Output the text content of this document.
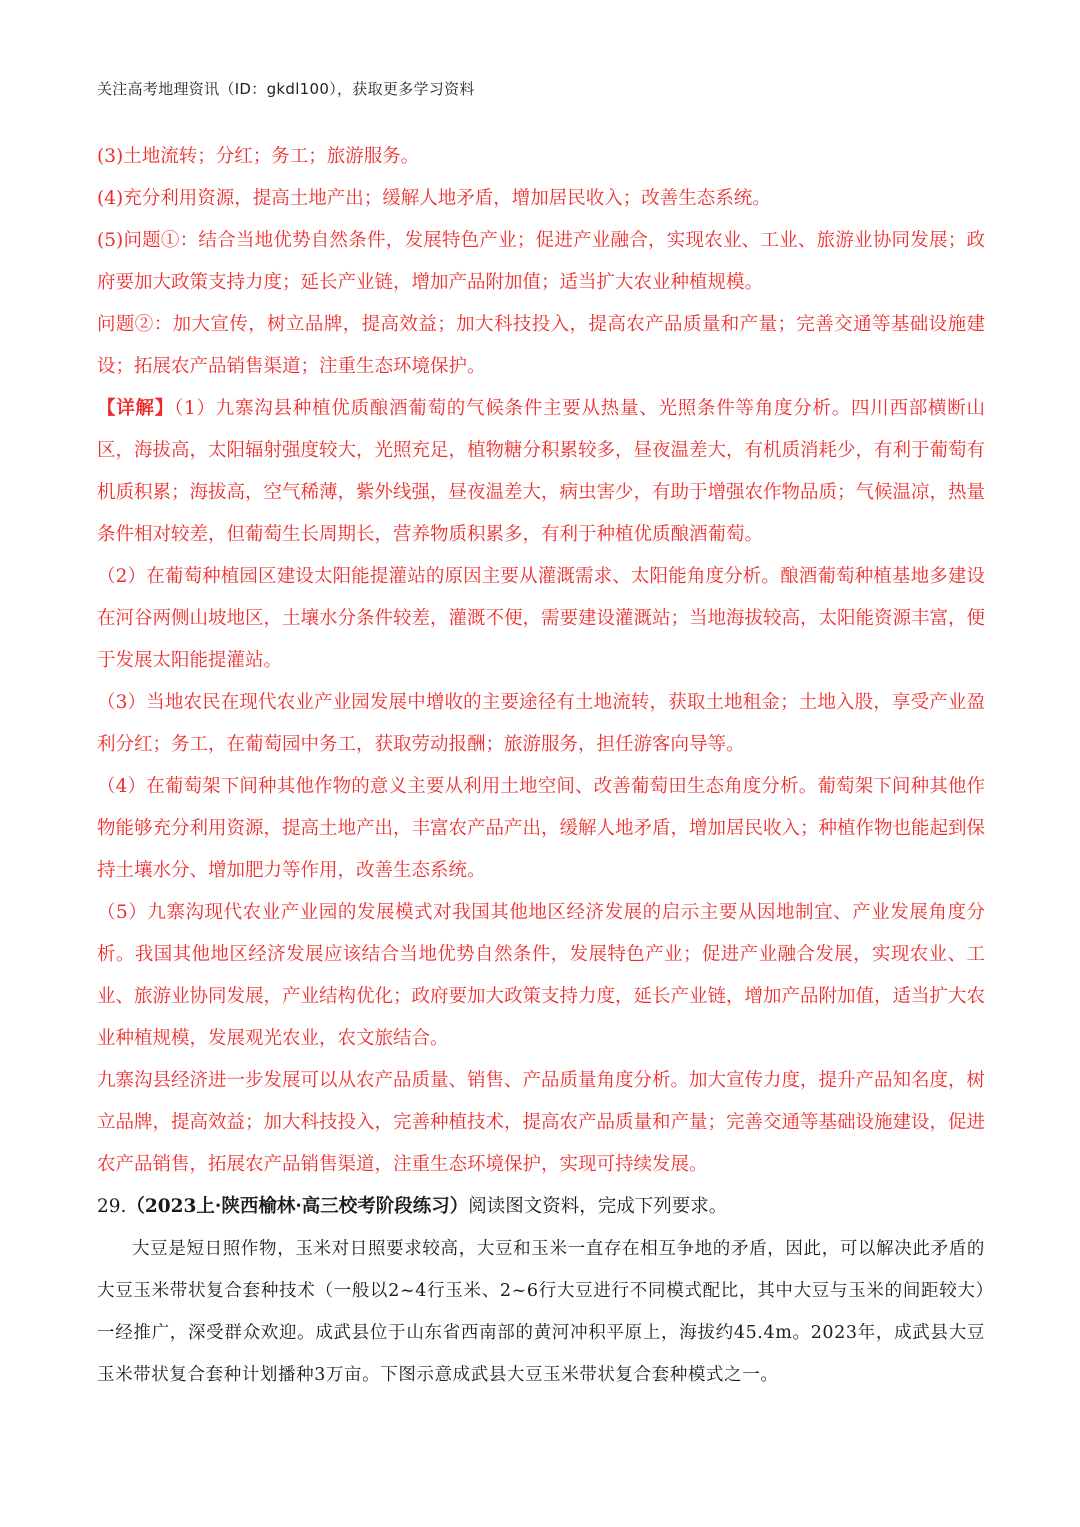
关注高考地理资讯（ID：gkdl100），获取更多学习资料

(3)土地流转；分红；务工；旅游服务。

(4)充分利用资源，提高土地产出；缓解人地矛盾，增加居民收入；改善生态系统。

(5)问题①：结合当地优势自然条件，发展特色产业；促进产业融合，实现农业、工业、旅游业协同发展；政府要加大政策支持力度；延长产业链，增加产品附加值；适当扩大农业种植规模。

问题②：加大宣传，树立品牌，提高效益；加大科技投入，提高农产品质量和产量；完善交通等基础设施建设；拓展农产品销售渠道；注重生态环境保护。

【详解】（1）九寨沟县种植优质酿酒葡萄的气候条件主要从热量、光照条件等角度分析。四川西部横断山区，海拔高，太阳辐射强度较大，光照充足，植物糖分积累较多，昼夜温差大，有机质消耗少，有利于葡萄有机质积累；海拔高，空气稀薄，紫外线强，昼夜温差大，病虫害少，有助于增强农作物品质；气候温凉，热量条件相对较差，但葡萄生长周期长，营养物质积累多，有利于种植优质酿酒葡萄。

（2）在葡萄种植园区建设太阳能提灌站的原因主要从灌溉需求、太阳能角度分析。酿酒葡萄种植基地多建设在河谷两侧山坡地区，土壤水分条件较差，灌溉不便，需要建设灌溉站；当地海拔较高，太阳能资源丰富，便于发展太阳能提灌站。

（3）当地农民在现代农业产业园发展中增收的主要途径有土地流转，获取土地租金；土地入股，享受产业盈利分红；务工，在葡萄园中务工，获取劳动报酬；旅游服务，担任游客向导等。

（4）在葡萄架下间种其他作物的意义主要从利用土地空间、改善葡萄田生态角度分析。葡萄架下间种其他作物能够充分利用资源，提高土地产出，丰富农产品产出，缓解人地矛盾，增加居民收入；种植作物也能起到保持土壤水分、增加肥力等作用，改善生态系统。

（5）九寨沟现代农业产业园的发展模式对我国其他地区经济发展的启示主要从因地制宜、产业发展角度分析。我国其他地区经济发展应该结合当地优势自然条件，发展特色产业；促进产业融合发展，实现农业、工业、旅游业协同发展，产业结构优化；政府要加大政策支持力度，延长产业链，增加产品附加值，适当扩大农业种植规模，发展观光农业，农文旅结合。

九寨沟县经济进一步发展可以从农产品质量、销售、产品质量角度分析。加大宣传力度，提升产品知名度，树立品牌，提高效益；加大科技投入，完善种植技术，提高农产品质量和产量；完善交通等基础设施建设，促进农产品销售，拓展农产品销售渠道，注重生态环境保护，实现可持续发展。

29.（2023上·陕西榆林·高三校考阶段练习）阅读图文资料，完成下列要求。

大豆是短日照作物，玉米对日照要求较高，大豆和玉米一直存在相互争地的矛盾，因此，可以解决此矛盾的大豆玉米带状复合套种技术（一般以2~4行玉米、2~6行大豆进行不同模式配比，其中大豆与玉米的间距较大）一经推广，深受群众欢迎。成武县位于山东省西南部的黄河冲积平原上，海拔约45.4m。2023年，成武县大豆玉米带状复合套种计划播种3万亩。下图示意成武县大豆玉米带状复合套种模式之一。
